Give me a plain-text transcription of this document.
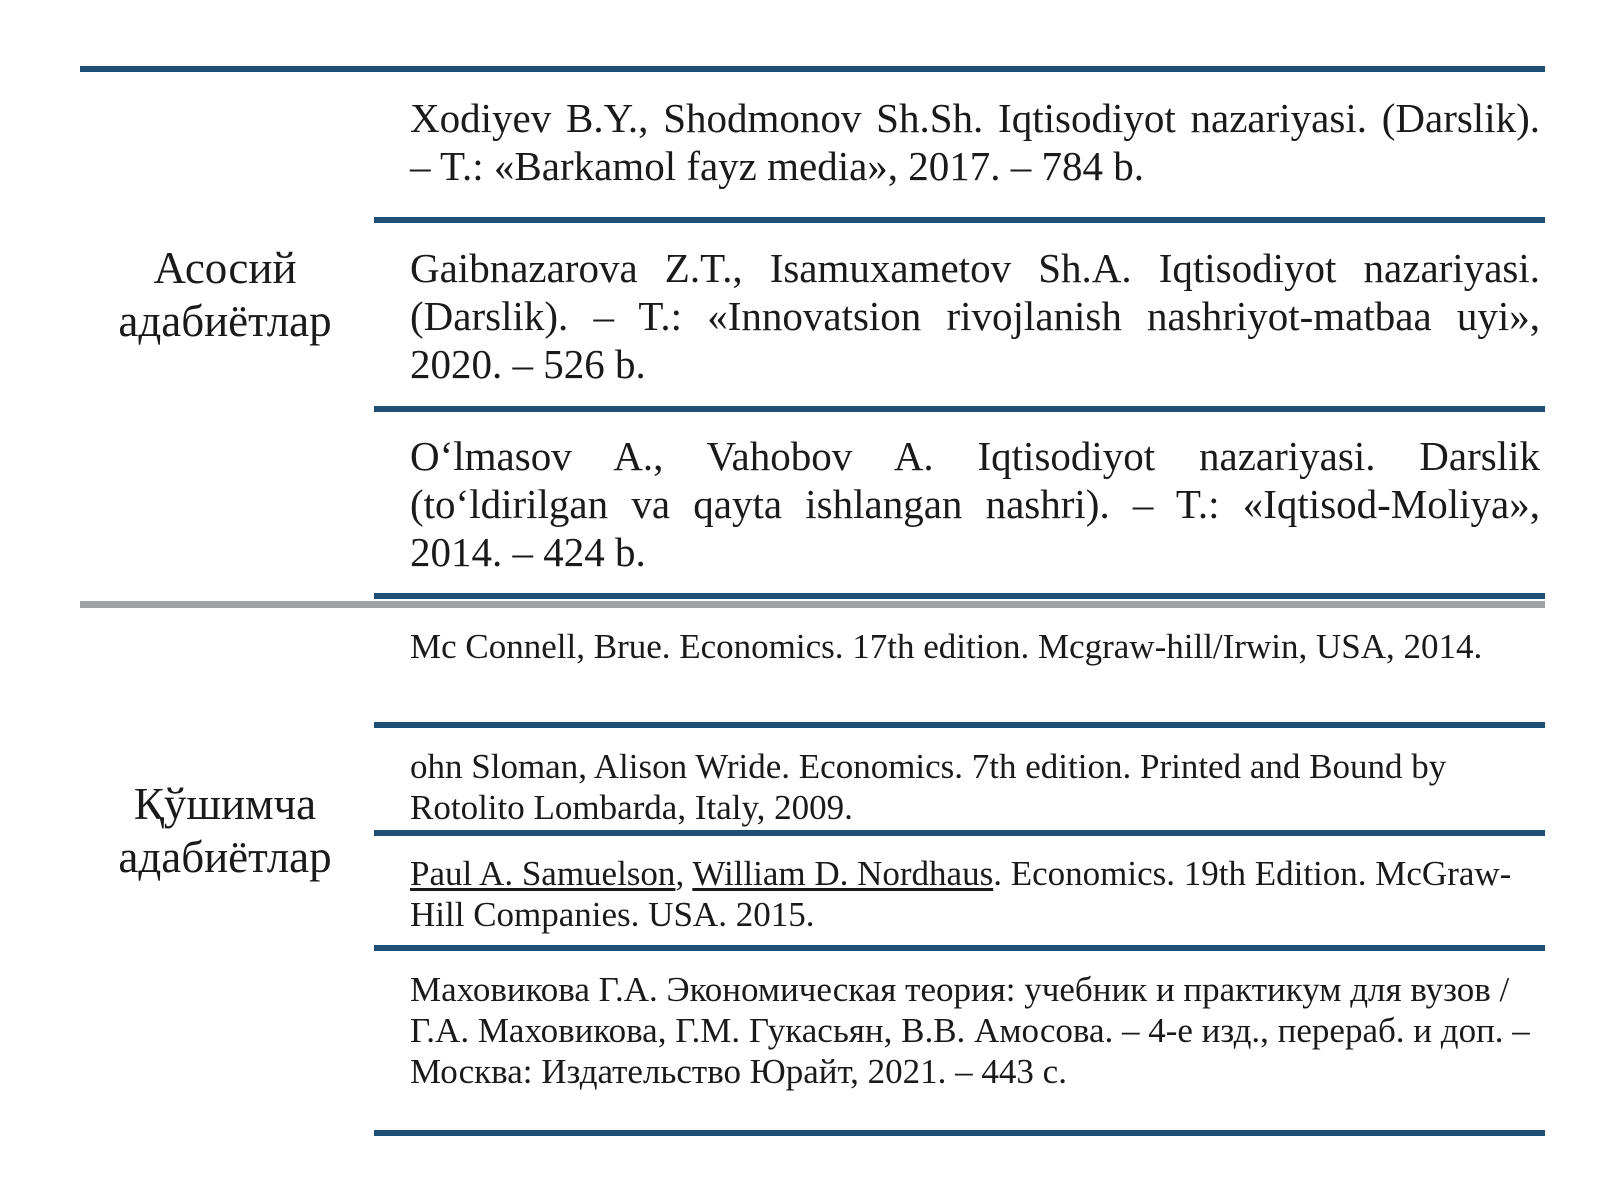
Асосий
адабиётлар
Қўшимча
адабиётлар

Xodiyev B.Y., Shodmonov Sh.Sh. Iqtisodiyot nazariyasi. (Darslik). – T.: «Barkamol fayz media», 2017. – 784 b.

Gaibnazarova Z.T., Isamuxametov Sh.A. Iqtisodiyot nazariyasi. (Darslik). – T.: «Innovatsion rivojlanish nashriyot-matbaa uyi», 2020. – 526 b.

O‘lmasov A., Vahobov A. Iqtisodiyot nazariyasi. Darslik (to‘ldirilgan va qayta ishlangan nashri). – T.: «Iqtisod-Moliya», 2014. – 424 b.

Mc Connell, Brue. Economics. 17th edition. Mcgraw-hill/Irwin, USA, 2014.

ohn Sloman, Alison Wride. Economics. 7th edition. Printed and Bound by Rotolito Lombarda, Italy, 2009.

Paul A. Samuelson, William D. Nordhaus. Economics. 19th Edition. McGraw-Hill Companies. USA. 2015.

Маховикова Г.А. Экономическая теория: учебник и практикум для вузов / Г.А. Маховикова, Г.М. Гукасьян, В.В. Амосова. – 4-е изд., перераб. и доп. – Москва: Издательство Юрайт, 2021. – 443 с.
